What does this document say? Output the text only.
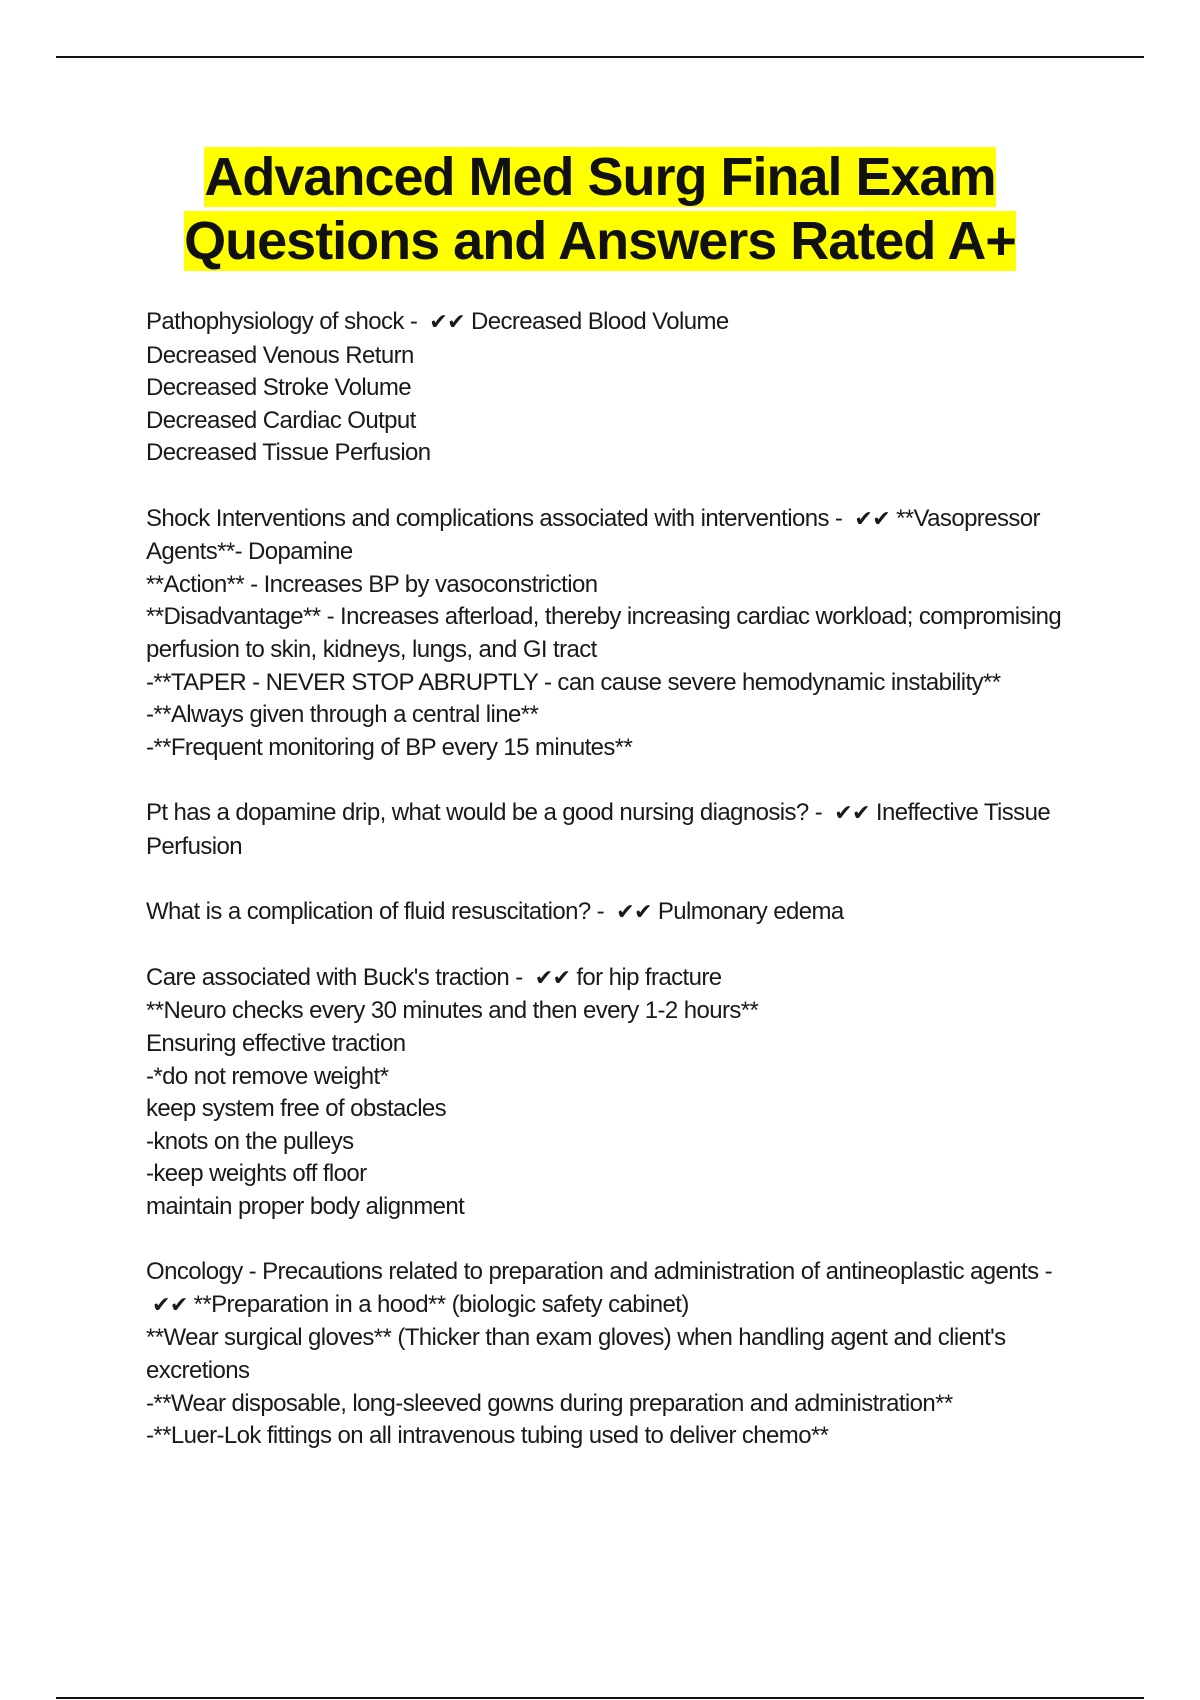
Advanced Med Surg Final Exam Questions and Answers Rated A+
Pathophysiology of shock - ✔✔ Decreased Blood Volume
Decreased Venous Return
Decreased Stroke Volume
Decreased Cardiac Output
Decreased Tissue Perfusion
Shock Interventions and complications associated with interventions - ✔✔ **Vasopressor Agents**- Dopamine
**Action** - Increases BP by vasoconstriction
**Disadvantage** - Increases afterload, thereby increasing cardiac workload; compromising perfusion to skin, kidneys, lungs, and GI tract
-**TAPER - NEVER STOP ABRUPTLY - can cause severe hemodynamic instability**
-**Always given through a central line**
-**Frequent monitoring of BP every 15 minutes**
Pt has a dopamine drip, what would be a good nursing diagnosis? - ✔✔ Ineffective Tissue Perfusion
What is a complication of fluid resuscitation? - ✔✔ Pulmonary edema
Care associated with Buck's traction - ✔✔ for hip fracture
**Neuro checks every 30 minutes and then every 1-2 hours**
Ensuring effective traction
-*do not remove weight*
keep system free of obstacles
-knots on the pulleys
-keep weights off floor
maintain proper body alignment
Oncology - Precautions related to preparation and administration of antineoplastic agents - ✔✔ **Preparation in a hood** (biologic safety cabinet)
**Wear surgical gloves** (Thicker than exam gloves) when handling agent and client's excretions
-**Wear disposable, long-sleeved gowns during preparation and administration**
-**Luer-Lok fittings on all intravenous tubing used to deliver chemo**
